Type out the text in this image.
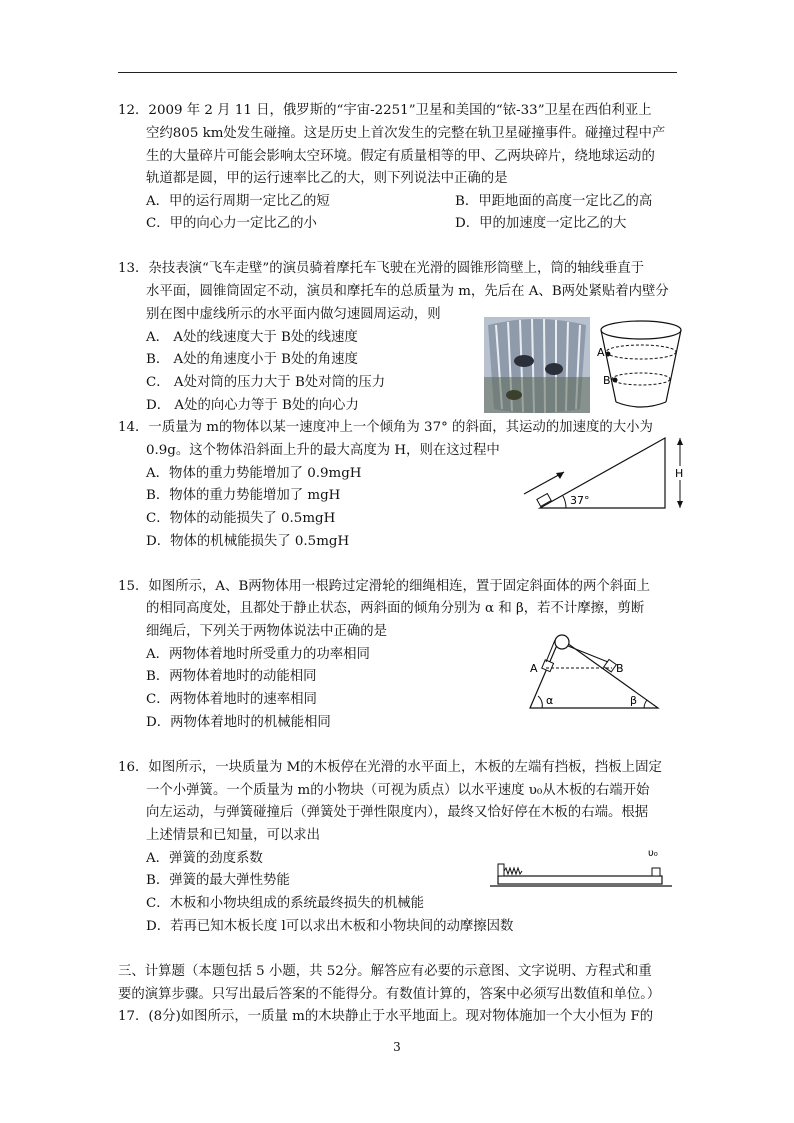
12．2009 年 2 月 11 日，俄罗斯的“宇宙-2251”卫星和美国的“铱-33”卫星在西伯利亚上
空约805 km处发生碰撞。这是历史上首次发生的完整在轨卫星碰撞事件。碰撞过程中产
生的大量碎片可能会影响太空环境。假定有质量相等的甲、乙两块碎片，绕地球运动的
轨道都是圆，甲的运行速率比乙的大，则下列说法中正确的是
A．甲的运行周期一定比乙的短	B．甲距地面的高度一定比乙的高
C．甲的向心力一定比乙的小	D．甲的加速度一定比乙的大
13．杂技表演“飞车走壁”的演员骑着摩托车飞驶在光滑的圆锥形筒壁上，筒的轴线垂直于
水平面，圆锥筒固定不动，演员和摩托车的总质量为 m，先后在 A、B两处紧贴着内壁分
别在图中虚线所示的水平面内做匀速圆周运动，则
A． A处的线速度大于 B处的线速度
B． A处的角速度小于 B处的角速度
C． A处对筒的压力大于 B处对筒的压力
D． A处的向心力等于 B处的向心力
A
B
14．一质量为 m的物体以某一速度冲上一个倾角为 37° 的斜面，其运动的加速度的大小为
0.9g。这个物体沿斜面上升的最大高度为 H，则在这过程中
A．物体的重力势能增加了 0.9mgH
B．物体的重力势能增加了 mgH
C．物体的动能损失了 0.5mgH
D．物体的机械能损失了 0.5mgH
37°
H
15．如图所示，A、B两物体用一根跨过定滑轮的细绳相连，置于固定斜面体的两个斜面上
的相同高度处，且都处于静止状态，两斜面的倾角分别为 α 和 β，若不计摩擦，剪断
细绳后，下列关于两物体说法中正确的是
A．两物体着地时所受重力的功率相同
B．两物体着地时的动能相同
C．两物体着地时的速率相同
D．两物体着地时的机械能相同
A	B
α	β
16．如图所示，一块质量为 M的木板停在光滑的水平面上，木板的左端有挡板，挡板上固定
一个小弹簧。一个质量为 m的小物块（可视为质点）以水平速度 υ₀从木板的右端开始
向左运动，与弹簧碰撞后（弹簧处于弹性限度内），最终又恰好停在木板的右端。根据
上述情景和已知量，可以求出
A．弹簧的劲度系数
B．弹簧的最大弹性势能
C．木板和小物块组成的系统最终损失的机械能
D．若再已知木板长度 l可以求出木板和小物块间的动摩擦因数
υ₀
三、计算题（本题包括 5 小题，共 52分。解答应有必要的示意图、文字说明、方程式和重
要的演算步骤。只写出最后答案的不能得分。有数值计算的，答案中必须写出数值和单位。）
17．(8分)如图所示，一质量 m的木块静止于水平地面上。现对物体施加一个大小恒为 F的
3
